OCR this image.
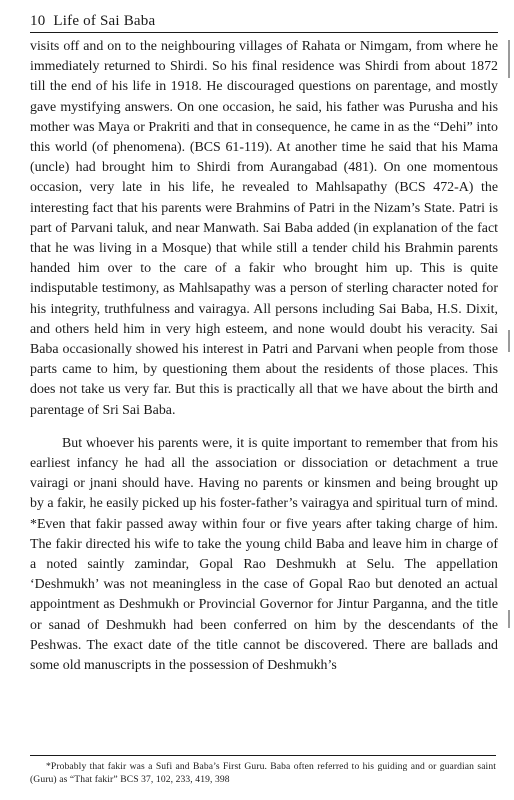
10 Life of Sai Baba

visits off and on to the neighbouring villages of Rahata or Nimgam, from where he immediately returned to Shirdi. So his final residence was Shirdi from about 1872 till the end of his life in 1918. He discouraged questions on parentage, and mostly gave mystifying answers. On one occasion, he said, his father was Purusha and his mother was Maya or Prakriti and that in consequence, he came in as the “Dehi” into this world (of phenomena). (BCS 61-119). At another time he said that his Mama (uncle) had brought him to Shirdi from Aurangabad (481). On one momentous occasion, very late in his life, he revealed to Mahlsapathy (BCS 472-A) the interesting fact that his parents were Brahmins of Patri in the Nizam’s State. Patri is part of Parvani taluk, and near Manwath. Sai Baba added (in explanation of the fact that he was living in a Mosque) that while still a tender child his Brahmin parents handed him over to the care of a fakir who brought him up. This is quite indisputable testimony, as Mahlsapathy was a person of sterling character noted for his integrity, truthfulness and vairagya. All persons including Sai Baba, H.S. Dixit, and others held him in very high esteem, and none would doubt his veracity. Sai Baba occasionally showed his interest in Patri and Parvani when people from those parts came to him, by questioning them about the residents of those places. This does not take us very far. But this is practically all that we have about the birth and parentage of Sri Sai Baba.

But whoever his parents were, it is quite important to remember that from his earliest infancy he had all the association or dissociation or detachment a true vairagi or jnani should have. Having no parents or kinsmen and being brought up by a fakir, he easily picked up his foster-father’s vairagya and spiritual turn of mind. *Even that fakir passed away within four or five years after taking charge of him. The fakir directed his wife to take the young child Baba and leave him in charge of a noted saintly zamindar, Gopal Rao Deshmukh at Selu. The appellation ‘Deshmukh’ was not meaningless in the case of Gopal Rao but denoted an actual appointment as Deshmukh or Provincial Governor for Jintur Parganna, and the title or sanad of Deshmukh had been conferred on him by the descendants of the Peshwas. The exact date of the title cannot be discovered. There are ballads and some old manuscripts in the possession of Deshmukh’s

*Probably that fakir was a Sufi and Baba’s First Guru. Baba often referred to his guiding and or guardian saint (Guru) as “That fakir” BCS 37, 102, 233, 419, 398
